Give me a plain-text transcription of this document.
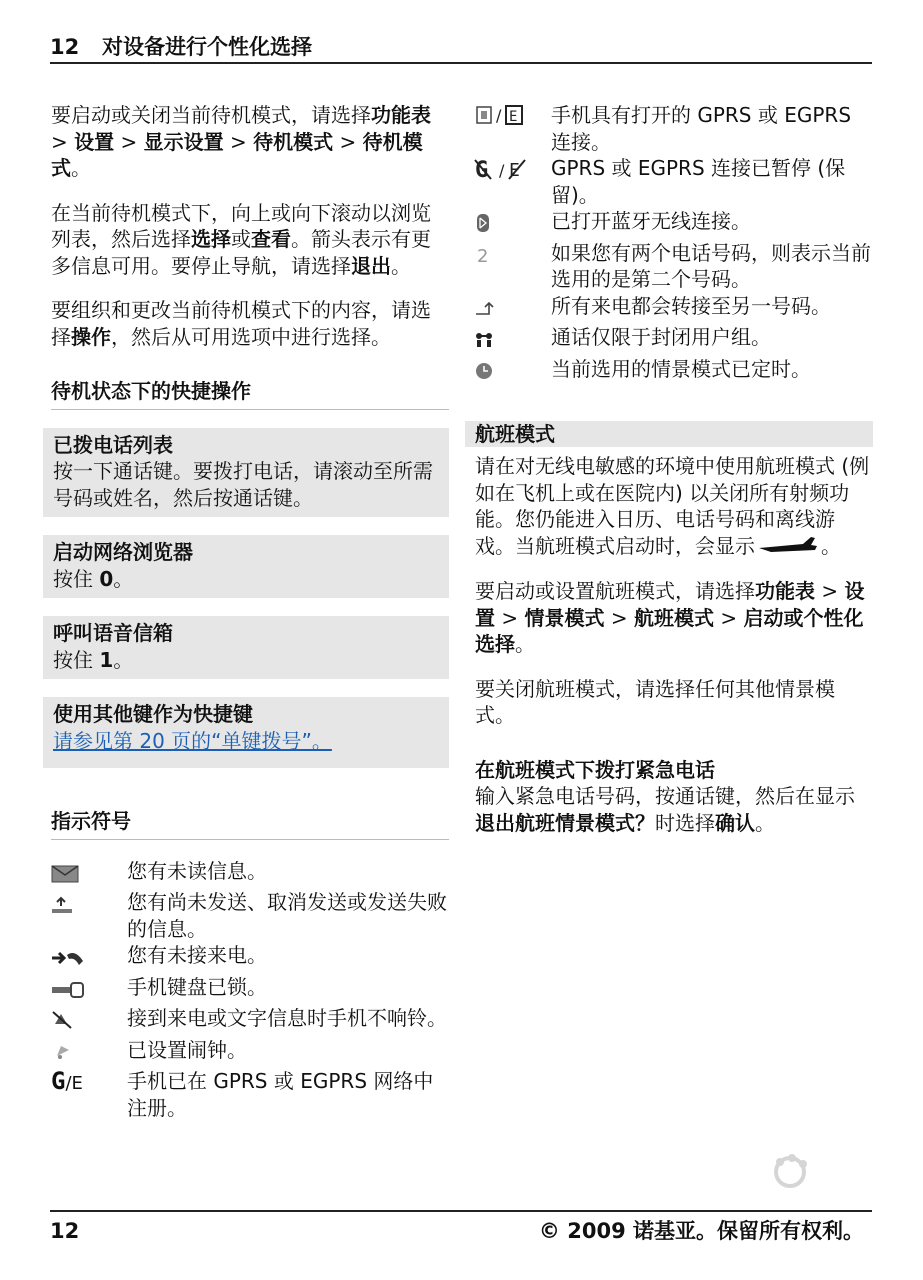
12 对设备进行个性化选择

要启动或关闭当前待机模式，请选择功能表 > 设置 > 显示设置 > 待机模式 > 待机模式。

在当前待机模式下，向上或向下滚动以浏览列表，然后选择选择或查看。箭头表示有更多信息可用。要停止导航，请选择退出。

要组织和更改当前待机模式下的内容，请选择操作，然后从可用选项中进行选择。

待机状态下的快捷操作
已拨电话列表
按一下通话键。要拨打电话，请滚动至所需号码或姓名，然后按通话键。
启动网络浏览器
按住 0。
呼叫语音信箱
按住 1。
使用其他键作为快捷键
请参见第 20 页的“单键拨号”。
指示符号
您有未读信息。
您有尚未发送、取消发送或发送失败的信息。
您有未接来电。
手机键盘已锁。
接到来电或文字信息时手机不响铃。
已设置闹钟。
G/E	手机已在 GPRS 或 EGPRS 网络中注册。
/ E 手机具有打开的 GPRS 或 EGPRS 连接。
G / E GPRS 或 EGPRS 连接已暂停 (保留)。
已打开蓝牙无线连接。
2	如果您有两个电话号码，则表示当前选用的是第二个号码。
所有来电都会转接至另一号码。
通话仅限于封闭用户组。
当前选用的情景模式已定时。
航班模式

请在对无线电敏感的环境中使用航班模式 (例如在飞机上或在医院内) 以关闭所有射频功能。您仍能进入日历、电话号码和离线游戏。当航班模式启动时，会显示	。

要启动或设置航班模式，请选择功能表 > 设置 > 情景模式 > 航班模式 > 启动或个性化选择。

要关闭航班模式，请选择任何其他情景模式。

在航班模式下拨打紧急电话

输入紧急电话号码，按通话键，然后在显示退出航班情景模式？时选择确认。

12	© 2009 诺基亚。保留所有权利。
